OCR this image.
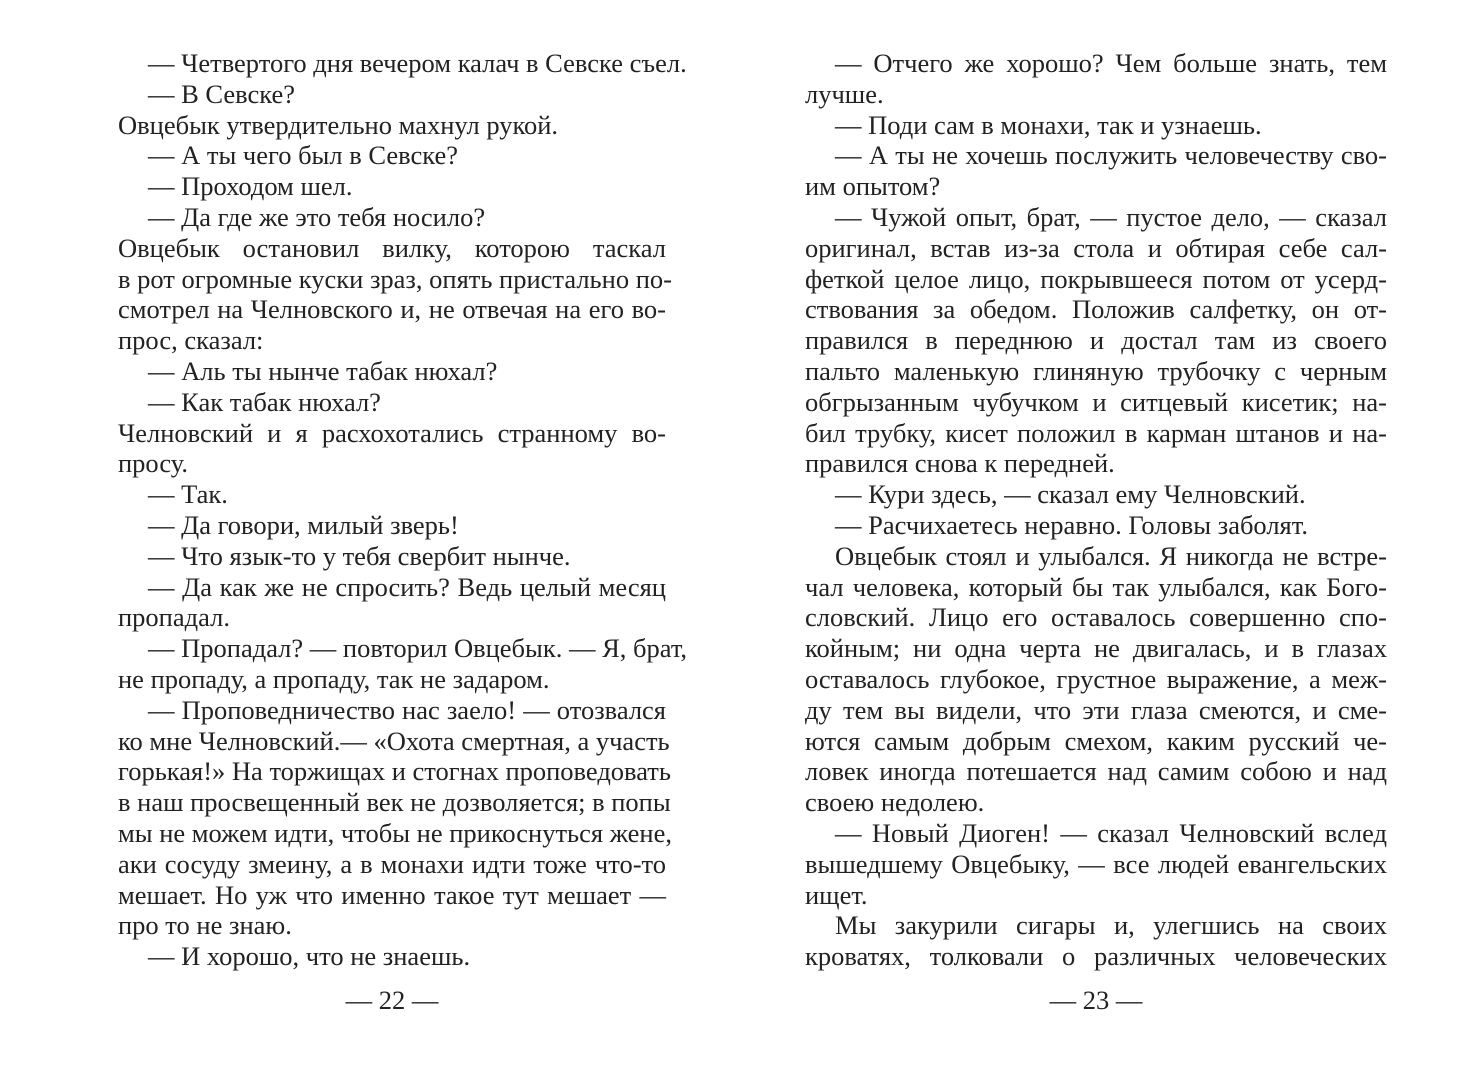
— Четвертого дня вечером калач в Севске съел.
— В Севске?
Овцебык утвердительно махнул рукой.
— А ты чего был в Севске?
— Проходом шел.
— Да где же это тебя носило?
Овцебык остановил вилку, которою таскал
в рот огромные куски зраз, опять пристально по-
смотрел на Челновского и, не отвечая на его во-
прос, сказал:
— Аль ты нынче табак нюхал?
— Как табак нюхал?
Челновский и я расхохотались странному во-
просу.
— Так.
— Да говори, милый зверь!
— Что язык-то у тебя свербит нынче.
— Да как же не спросить? Ведь целый месяц
пропадал.
— Пропадал? — повторил Овцебык. — Я, брат,
не пропаду, а пропаду, так не задаром.
— Проповедничество нас заело! — отозвался
ко мне Челновский.— «Охота смертная, а участь
горькая!» На торжищах и стогнах проповедовать
в наш просвещенный век не дозволяется; в попы
мы не можем идти, чтобы не прикоснуться жене,
аки сосуду змеину, а в монахи идти тоже что-то
мешает. Но уж что именно такое тут мешает —
про то не знаю.
— И хорошо, что не знаешь.
— 22 —
— Отчего же хорошо? Чем больше знать, тем
лучше.
— Поди сам в монахи, так и узнаешь.
— А ты не хочешь послужить человечеству сво-
им опытом?
— Чужой опыт, брат, — пустое дело, — сказал
оригинал, встав из-за стола и обтирая себе сал-
феткой целое лицо, покрывшееся потом от усерд-
ствования за обедом. Положив салфетку, он от-
правился в переднюю и достал там из своего
пальто маленькую глиняную трубочку с черным
обгрызанным чубучком и ситцевый кисетик; на-
бил трубку, кисет положил в карман штанов и на-
правился снова к передней.
— Кури здесь, — сказал ему Челновский.
— Расчихаетесь неравно. Головы заболят.
Овцебык стоял и улыбался. Я никогда не встре-
чал человека, который бы так улыбался, как Бого-
словский. Лицо его оставалось совершенно спо-
койным; ни одна черта не двигалась, и в глазах
оставалось глубокое, грустное выражение, а меж-
ду тем вы видели, что эти глаза смеются, и сме-
ются самым добрым смехом, каким русский че-
ловек иногда потешается над самим собою и над
своею недолею.
— Новый Диоген! — сказал Челновский вслед
вышедшему Овцебыку, — все людей евангельских
ищет.
Мы закурили сигары и, улегшись на своих
кроватях, толковали о различных человеческих
— 23 —
